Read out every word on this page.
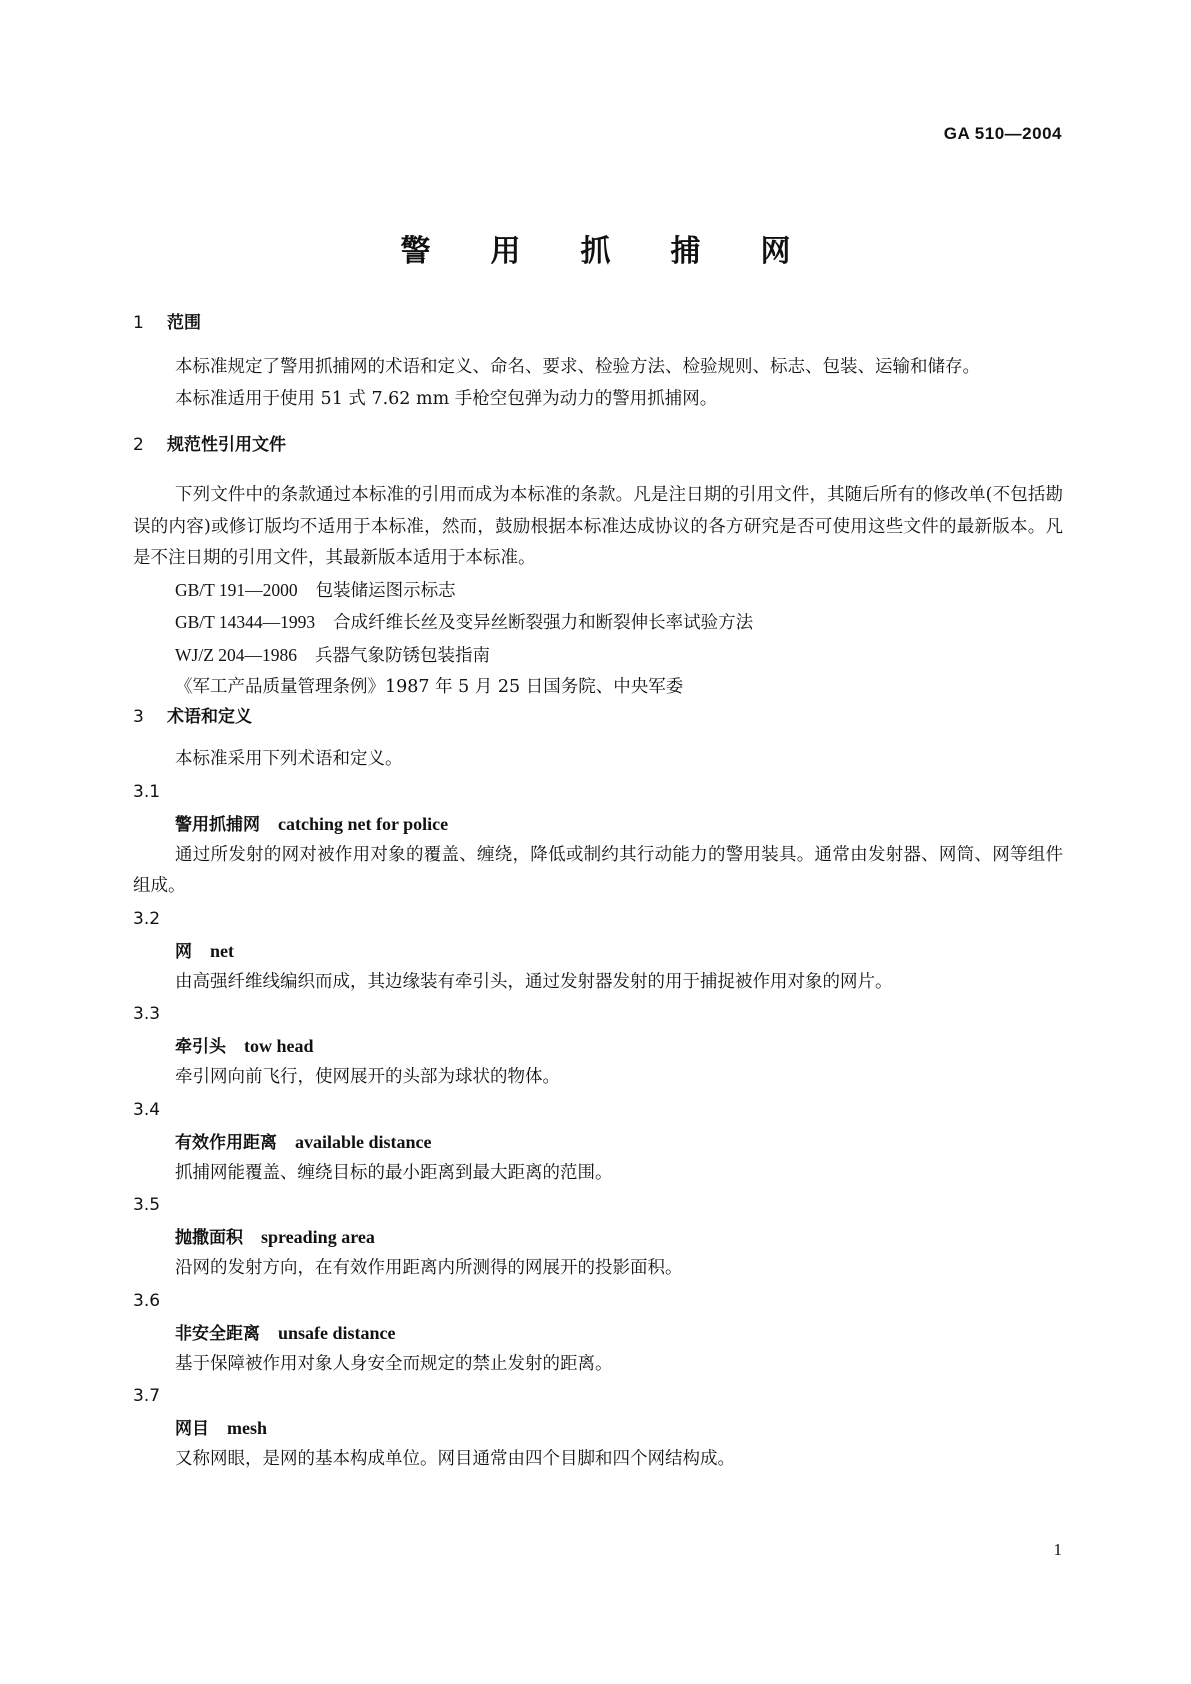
GA 510—2004
警 用 抓 捕 网
1 范围

本标准规定了警用抓捕网的术语和定义、命名、要求、检验方法、检验规则、标志、包装、运输和储存。

本标准适用于使用 51 式 7.62 mm 手枪空包弹为动力的警用抓捕网。

2 规范性引用文件

下列文件中的条款通过本标准的引用而成为本标准的条款。凡是注日期的引用文件，其随后所有的修改单(不包括勘误的内容)或修订版均不适用于本标准，然而，鼓励根据本标准达成协议的各方研究是否可使用这些文件的最新版本。凡是不注日期的引用文件，其最新版本适用于本标准。

GB/T 191—2000 包装储运图示标志
GB/T 14344—1993 合成纤维长丝及变异丝断裂强力和断裂伸长率试验方法
WJ/Z 204—1986 兵器气象防锈包装指南
《军工产品质量管理条例》1987 年 5 月 25 日国务院、中央军委
3 术语和定义

本标准采用下列术语和定义。

3.1
警用抓捕网 catching net for police

通过所发射的网对被作用对象的覆盖、缠绕，降低或制约其行动能力的警用装具。通常由发射器、网筒、网等组件组成。

3.2
网 net

由高强纤维线编织而成，其边缘装有牵引头，通过发射器发射的用于捕捉被作用对象的网片。

3.3
牵引头 tow head

牵引网向前飞行，使网展开的头部为球状的物体。

3.4
有效作用距离 available distance

抓捕网能覆盖、缠绕目标的最小距离到最大距离的范围。

3.5
抛撒面积 spreading area

沿网的发射方向，在有效作用距离内所测得的网展开的投影面积。

3.6
非安全距离 unsafe distance

基于保障被作用对象人身安全而规定的禁止发射的距离。

3.7
网目 mesh

又称网眼，是网的基本构成单位。网目通常由四个目脚和四个网结构成。

1
